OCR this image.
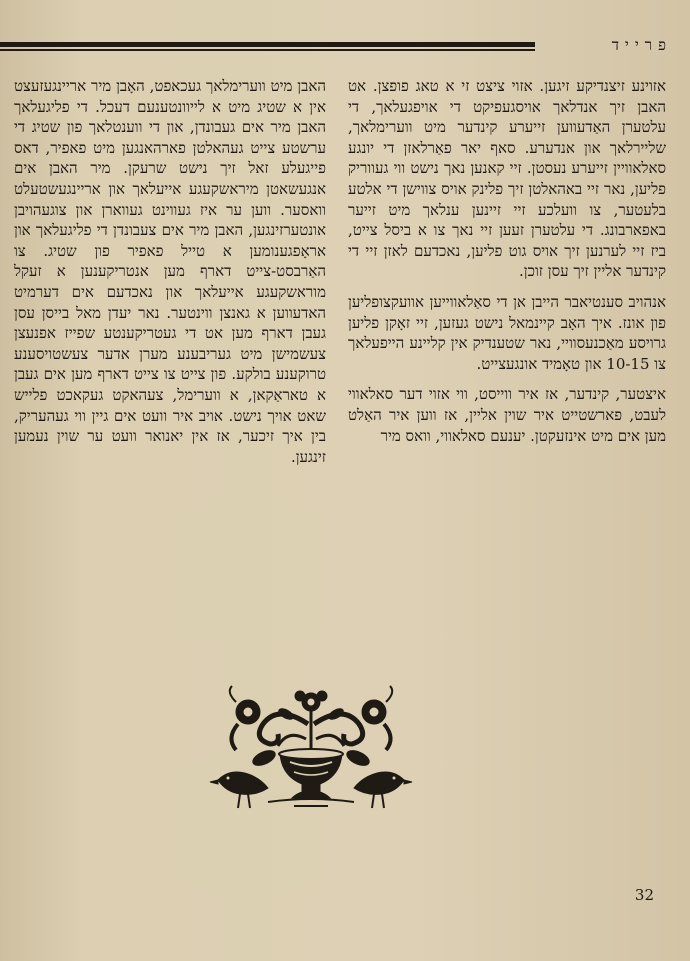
פרייד

אזוינע זיצנדיקע זיגען. אזוי ציצט זי א טאג פופצן. אט האבן זיך אנדלאך אויסגעפיקט די אויפגעלאך, די עלטערן האַדעווען זייערע קינדער מיט ווערימלאך, שליירלאך און אנדערע. סאף יאר פאַרלאזן די יונגע סאלאוויין זייערע נעסטן. זיי קאנען נאך נישט ווי געווריק פליען, נאר זיי באהאלטן זיך פלינק אויס צווישן די אלטע בלעטער, צו וועלכע זיי זיינען ענלאך מיט זייער באפארבונג. די עלטערן זעען זיי נאך צו א ביסל צייט, ביז זיי לערנען זיך אויס גוט פליען, נאכדעם לאזן זיי די קינדער אליין זיך עסן זוכן.

אנהויב סענטיאבר הייבן אן די סאַלאווייען אוועקצופליען פון אונז. איך האָב קיינמאל נישט געזען, זיי זאָקן פליען גרויסע מאַכנעסוויי, נאר שטענדיק אין קליינע הייפעלאך צו 10-15 און טאָמיד אונגעצייט.

איצטער, קינדער, אז איר ווייסט, ווי אזוי דער סאלאווי לעבט, פארשטייט איר שוין אליין, אז ווען איר האַלט מען אים מיט אינזעקטן. יענעם סאלאווי, וואס מיר

האבן מיט ווערימלאך געכאפט, האָבן מיר אריינגעזעצט אין א שטיג מיט א לייוונטענעם דעכל. די פליגעלאך האבן מיר אים געבונדן, און די ווענטלאך פון שטיג די ערשטע צייט געהאלטן פארהאנגען מיט פאפיר, דאס פייגעלע זאל זיך נישט שרעקן. מיר האבן אים אנגעשאטן מיראשקעגע אייעלאך און אריינגעשטעלט וואסער. ווען ער איז געווינט געווארן און צוגעהויבן אונטערזינגען, האבן מיר אים צעבונדן די פליגעלאך און אראָפגענומען א טייל פאפיר פון שטיג. צו האַרבסט-צייט דארף מען אנטריקענען א זעקל מוראשקעגע אייעלאך און נאכדעם אים דערמיט האדעווען א גאנצן ווינטער. נאר יעדן מאל בייסן עסן געבן דארף מען אט די געטריקענטע שפייז אפנעצן צעשמישן מיט געריבענע מערן אדער צעשטויסענע טרוקענע בולקע. פון צייט צו צייט דארף מען אים געבן א טאראַקאן, א ווערימל, צעהאקט געקאכט פלייש שאט אויך נישט. אויב איר וועט אים גיין ווי געהעריק, בין איך זיכער, אז אין יאנואר וועט ער שוין נעמען זינגען.

32
